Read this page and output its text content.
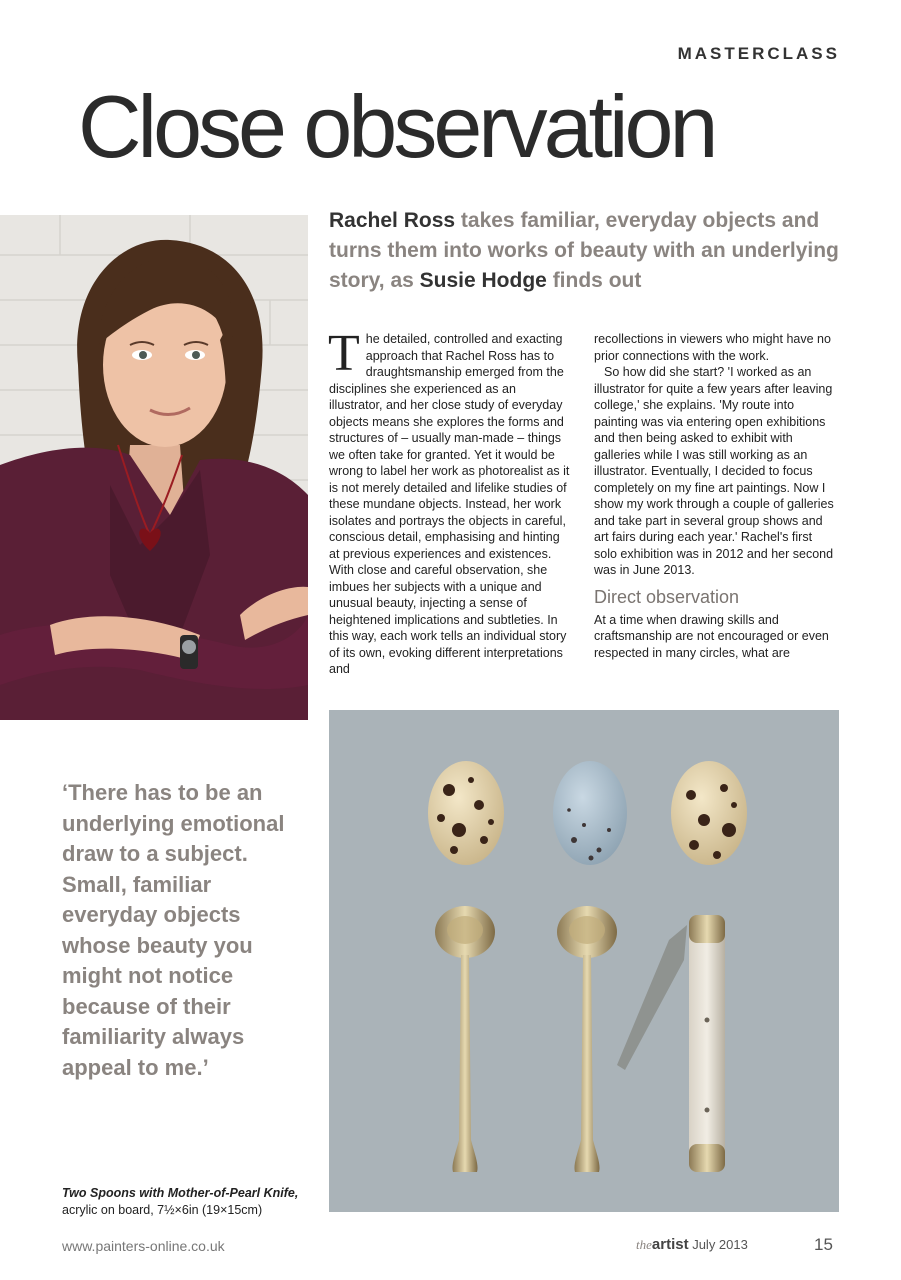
MASTERCLASS
Close observation
Rachel Ross takes familiar, everyday objects and turns them into works of beauty with an underlying story, as Susie Hodge finds out

The detailed, controlled and exacting approach that Rachel Ross has to draughtsmanship emerged from the disciplines she experienced as an illustrator, and her close study of everyday objects means she explores the forms and structures of – usually man-made – things we often take for granted. Yet it would be wrong to label her work as photorealist as it is not merely detailed and lifelike studies of these mundane objects. Instead, her work isolates and portrays the objects in careful, conscious detail, emphasising and hinting at previous experiences and existences. With close and careful observation, she imbues her subjects with a unique and unusual beauty, injecting a sense of heightened implications and subtleties. In this way, each work tells an individual story of its own, evoking different interpretations and

recollections in viewers who might have no prior connections with the work.

So how did she start? 'I worked as an illustrator for quite a few years after leaving college,' she explains. 'My route into painting was via entering open exhibitions and then being asked to exhibit with galleries while I was still working as an illustrator. Eventually, I decided to focus completely on my fine art paintings. Now I show my work through a couple of galleries and take part in several group shows and art fairs during each year.' Rachel's first solo exhibition was in 2012 and her second was in June 2013.

Direct observation

At a time when drawing skills and craftsmanship are not encouraged or even respected in many circles, what are

‘There has to be an underlying emotional draw to a subject. Small, familiar everyday objects whose beauty you might not notice because of their familiarity always appeal to me.’
Two Spoons with Mother-of-Pearl Knife,
acrylic on board, 7½×6in (19×15cm)
www.painters-online.co.uk	theartist July 2013	15
